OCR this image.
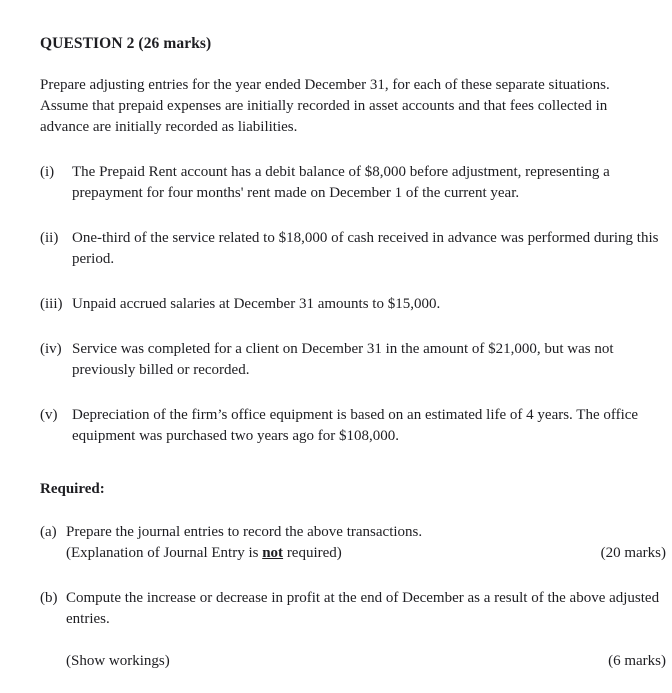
QUESTION 2 (26 marks)

Prepare adjusting entries for the year ended December 31, for each of these separate situations. Assume that prepaid expenses are initially recorded in asset accounts and that fees collected in advance are initially recorded as liabilities.

(i)	The Prepaid Rent account has a debit balance of $8,000 before adjustment, representing a prepayment for four months' rent made on December 1 of the current year.
(ii) One-third of the service related to $18,000 of cash received in advance was performed during this period.
(iii) Unpaid accrued salaries at December 31 amounts to $15,000.
(iv) Service was completed for a client on December 31 in the amount of $21,000, but was not previously billed or recorded.
(v) Depreciation of the firm’s office equipment is based on an estimated life of 4 years. The office equipment was purchased two years ago for $108,000.
Required:
(a) Prepare the journal entries to record the above transactions.
(Explanation of Journal Entry is not required)	(20 marks)
(b) Compute the increase or decrease in profit at the end of December as a result of the above adjusted entries.
(Show workings)	(6 marks)
